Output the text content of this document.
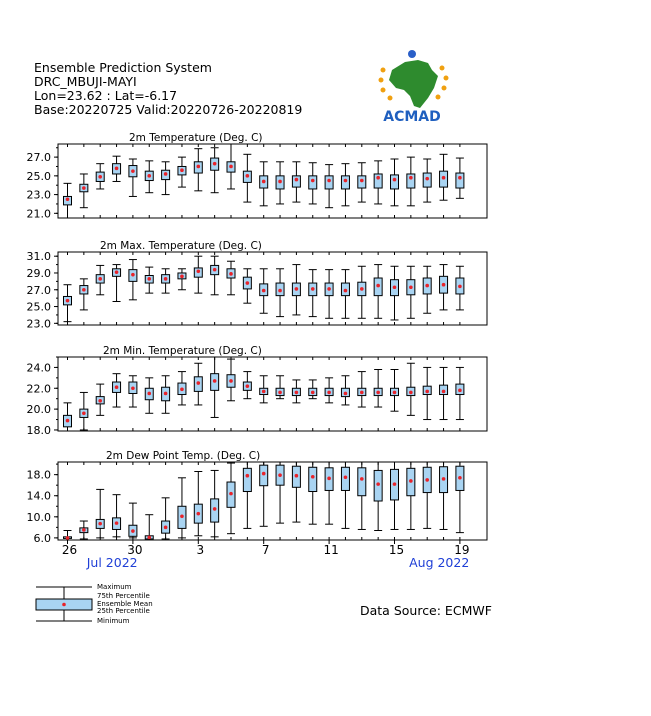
Ensemble Prediction System
DRC_MBUJI-MAYI
Lon=23.62 : Lat=-6.17
Base:20220725 Valid:20220726-20220819	ACMAD
2m Temperature (Deg. C)
21.0
23.0
25.0
27.0
2m Max. Temperature (Deg. C)
23.0
25.0
27.0
29.0
31.0
2m Min. Temperature (Deg. C)
18.0
20.0
22.0
24.0
2m Dew Point Temp. (Deg. C)
6.0
10.0
14.0
18.0
26	30	3	7	11	15	19
Jul 2022	Aug 2022
Maximum
75th Percentile
Ensemble Mean
25th Percentile
Minimum
Data Source: ECMWF
